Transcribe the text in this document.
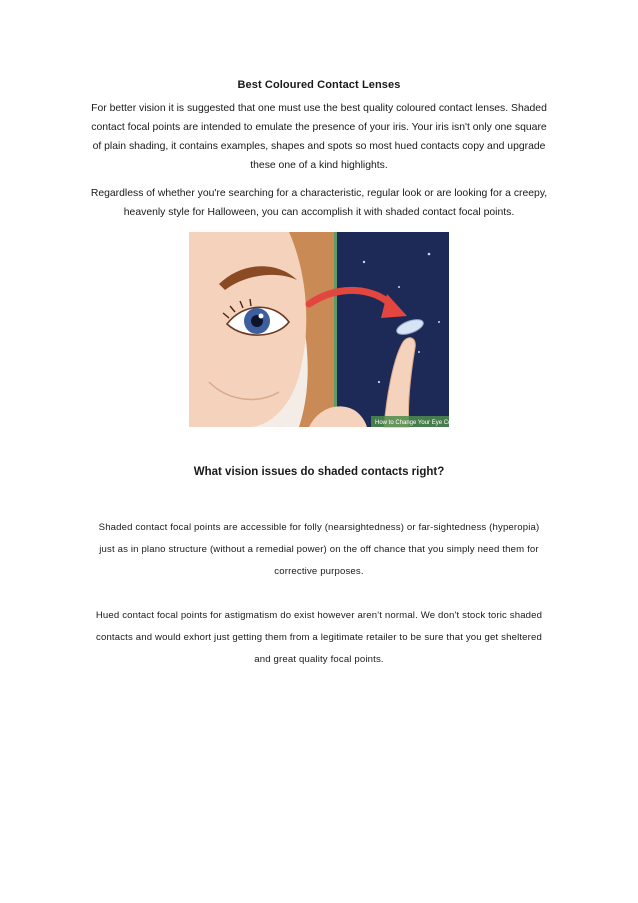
Best Coloured Contact Lenses
For better vision it is suggested that one must use the best quality coloured contact lenses. Shaded contact focal points are intended to emulate the presence of your iris. Your iris isn't only one square of plain shading, it contains examples, shapes and spots so most hued contacts copy and upgrade these one of a kind highlights.
Regardless of whether you're searching for a characteristic, regular look or are looking for a creepy, heavenly style for Halloween, you can accomplish it with shaded contact focal points.
How to Change Your Eye Color
What vision issues do shaded contacts right?
Shaded contact focal points are accessible for folly (nearsightedness) or far-sightedness (hyperopia) just as in plano structure (without a remedial power) on the off chance that you simply need them for corrective purposes.
Hued contact focal points for astigmatism do exist however aren't normal. We don't stock toric shaded contacts and would exhort just getting them from a legitimate retailer to be sure that you get sheltered and great quality focal points.
